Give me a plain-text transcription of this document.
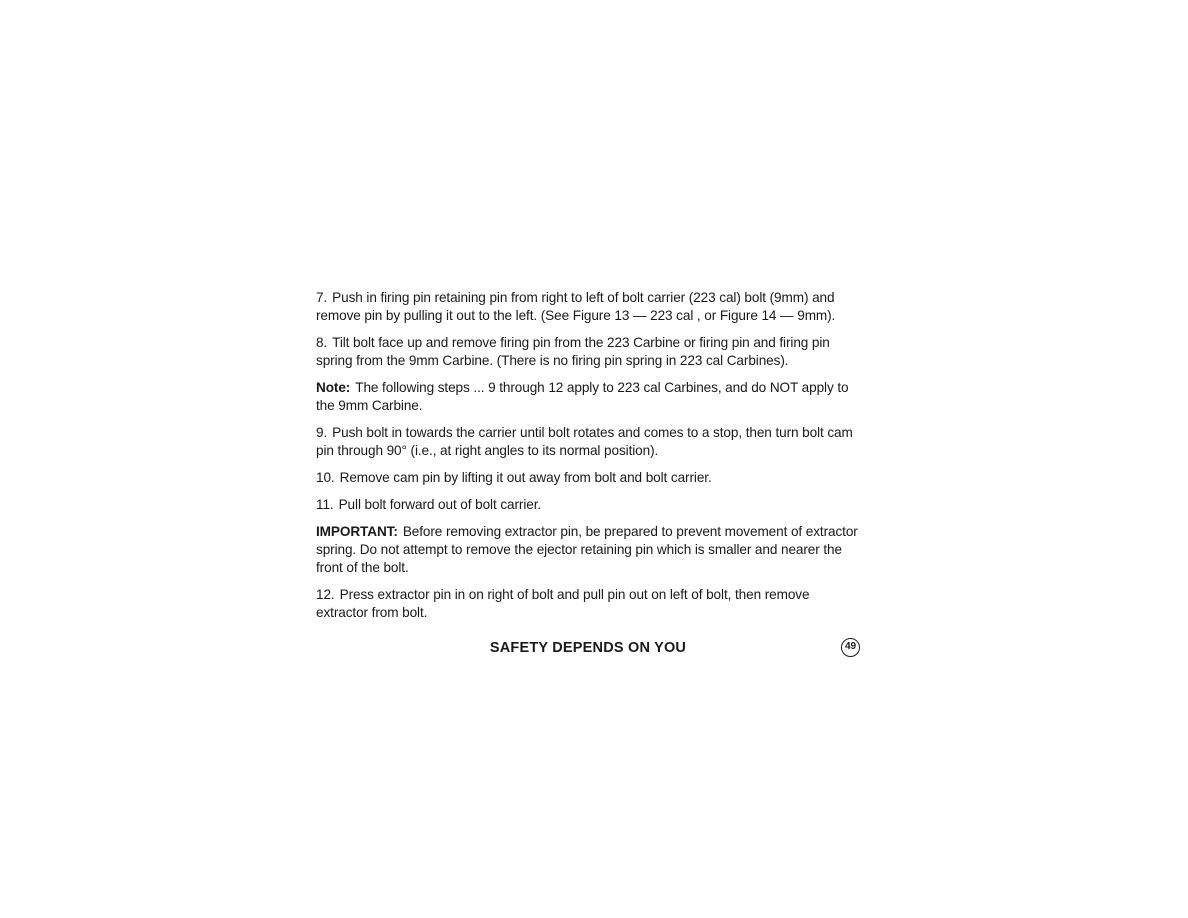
7. Push in firing pin retaining pin from right to left of bolt carrier (223 cal) bolt (9mm) and remove pin by pulling it out to the left. (See Figure 13 — 223 cal , or Figure 14 — 9mm).

8. Tilt bolt face up and remove firing pin from the 223 Carbine or firing pin and firing pin spring from the 9mm Carbine. (There is no firing pin spring in 223 cal Carbines).

Note: The following steps ... 9 through 12 apply to 223 cal Carbines, and do NOT apply to the 9mm Carbine.

9. Push bolt in towards the carrier until bolt rotates and comes to a stop, then turn bolt cam pin through 90° (i.e., at right angles to its normal position).

10. Remove cam pin by lifting it out away from bolt and bolt carrier.

11. Pull bolt forward out of bolt carrier.

IMPORTANT: Before removing extractor pin, be prepared to prevent movement of extractor spring. Do not attempt to remove the ejector retaining pin which is smaller and nearer the front of the bolt.

12. Press extractor pin in on right of bolt and pull pin out on left of bolt, then remove extractor from bolt.

SAFETY DEPENDS ON YOU	49
